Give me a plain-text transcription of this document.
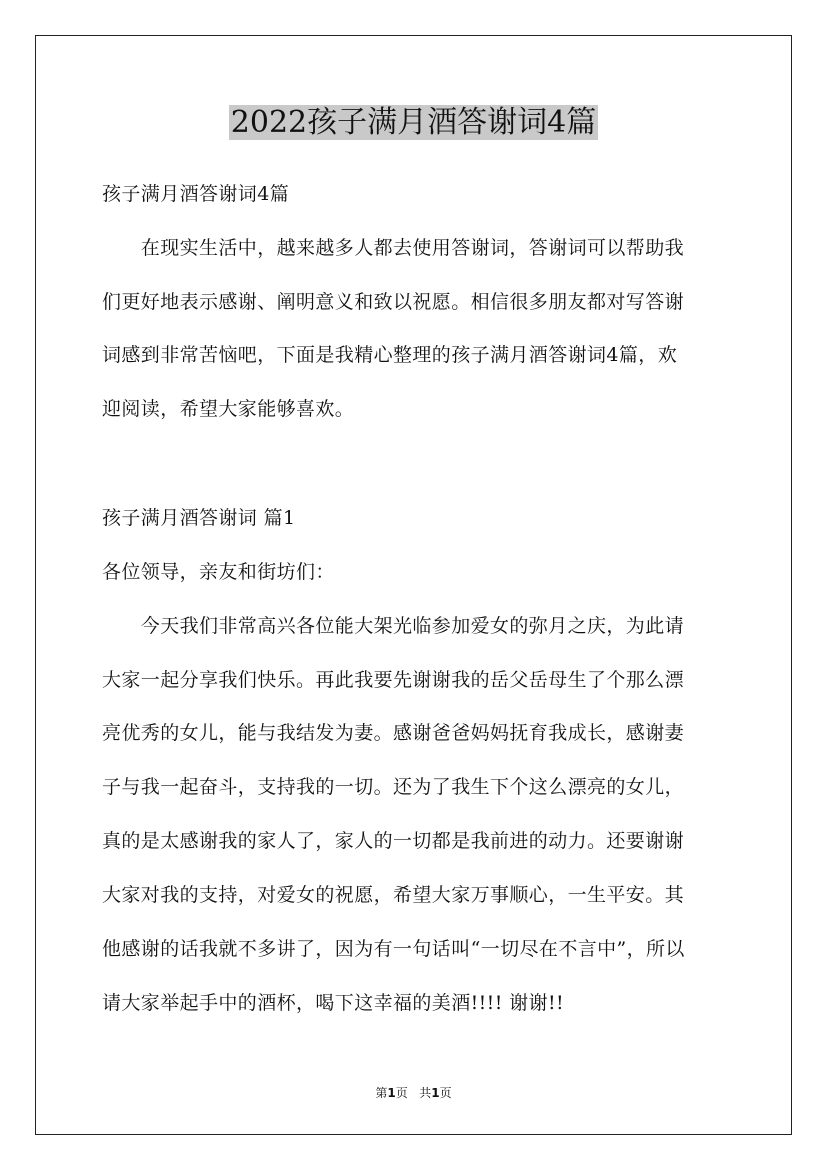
2022孩子满月酒答谢词4篇
孩子满月酒答谢词4篇
　　在现实生活中，越来越多人都去使用答谢词，答谢词可以帮助我
们更好地表示感谢、阐明意义和致以祝愿。相信很多朋友都对写答谢
词感到非常苦恼吧，下面是我精心整理的孩子满月酒答谢词4篇，欢
迎阅读，希望大家能够喜欢。
孩子满月酒答谢词 篇1
各位领导，亲友和街坊们：
　　今天我们非常高兴各位能大架光临参加爱女的弥月之庆，为此请
大家一起分享我们快乐。再此我要先谢谢我的岳父岳母生了个那么漂
亮优秀的女儿，能与我结发为妻。感谢爸爸妈妈抚育我成长，感谢妻
子与我一起奋斗，支持我的一切。还为了我生下个这么漂亮的女儿，
真的是太感谢我的家人了，家人的一切都是我前进的动力。还要谢谢
大家对我的支持，对爱女的祝愿，希望大家万事顺心，一生平安。其
他感谢的话我就不多讲了，因为有一句话叫“一切尽在不言中”，所以
请大家举起手中的酒杯，喝下这幸福的美酒!!!! 谢谢!!
第1页 共1页
